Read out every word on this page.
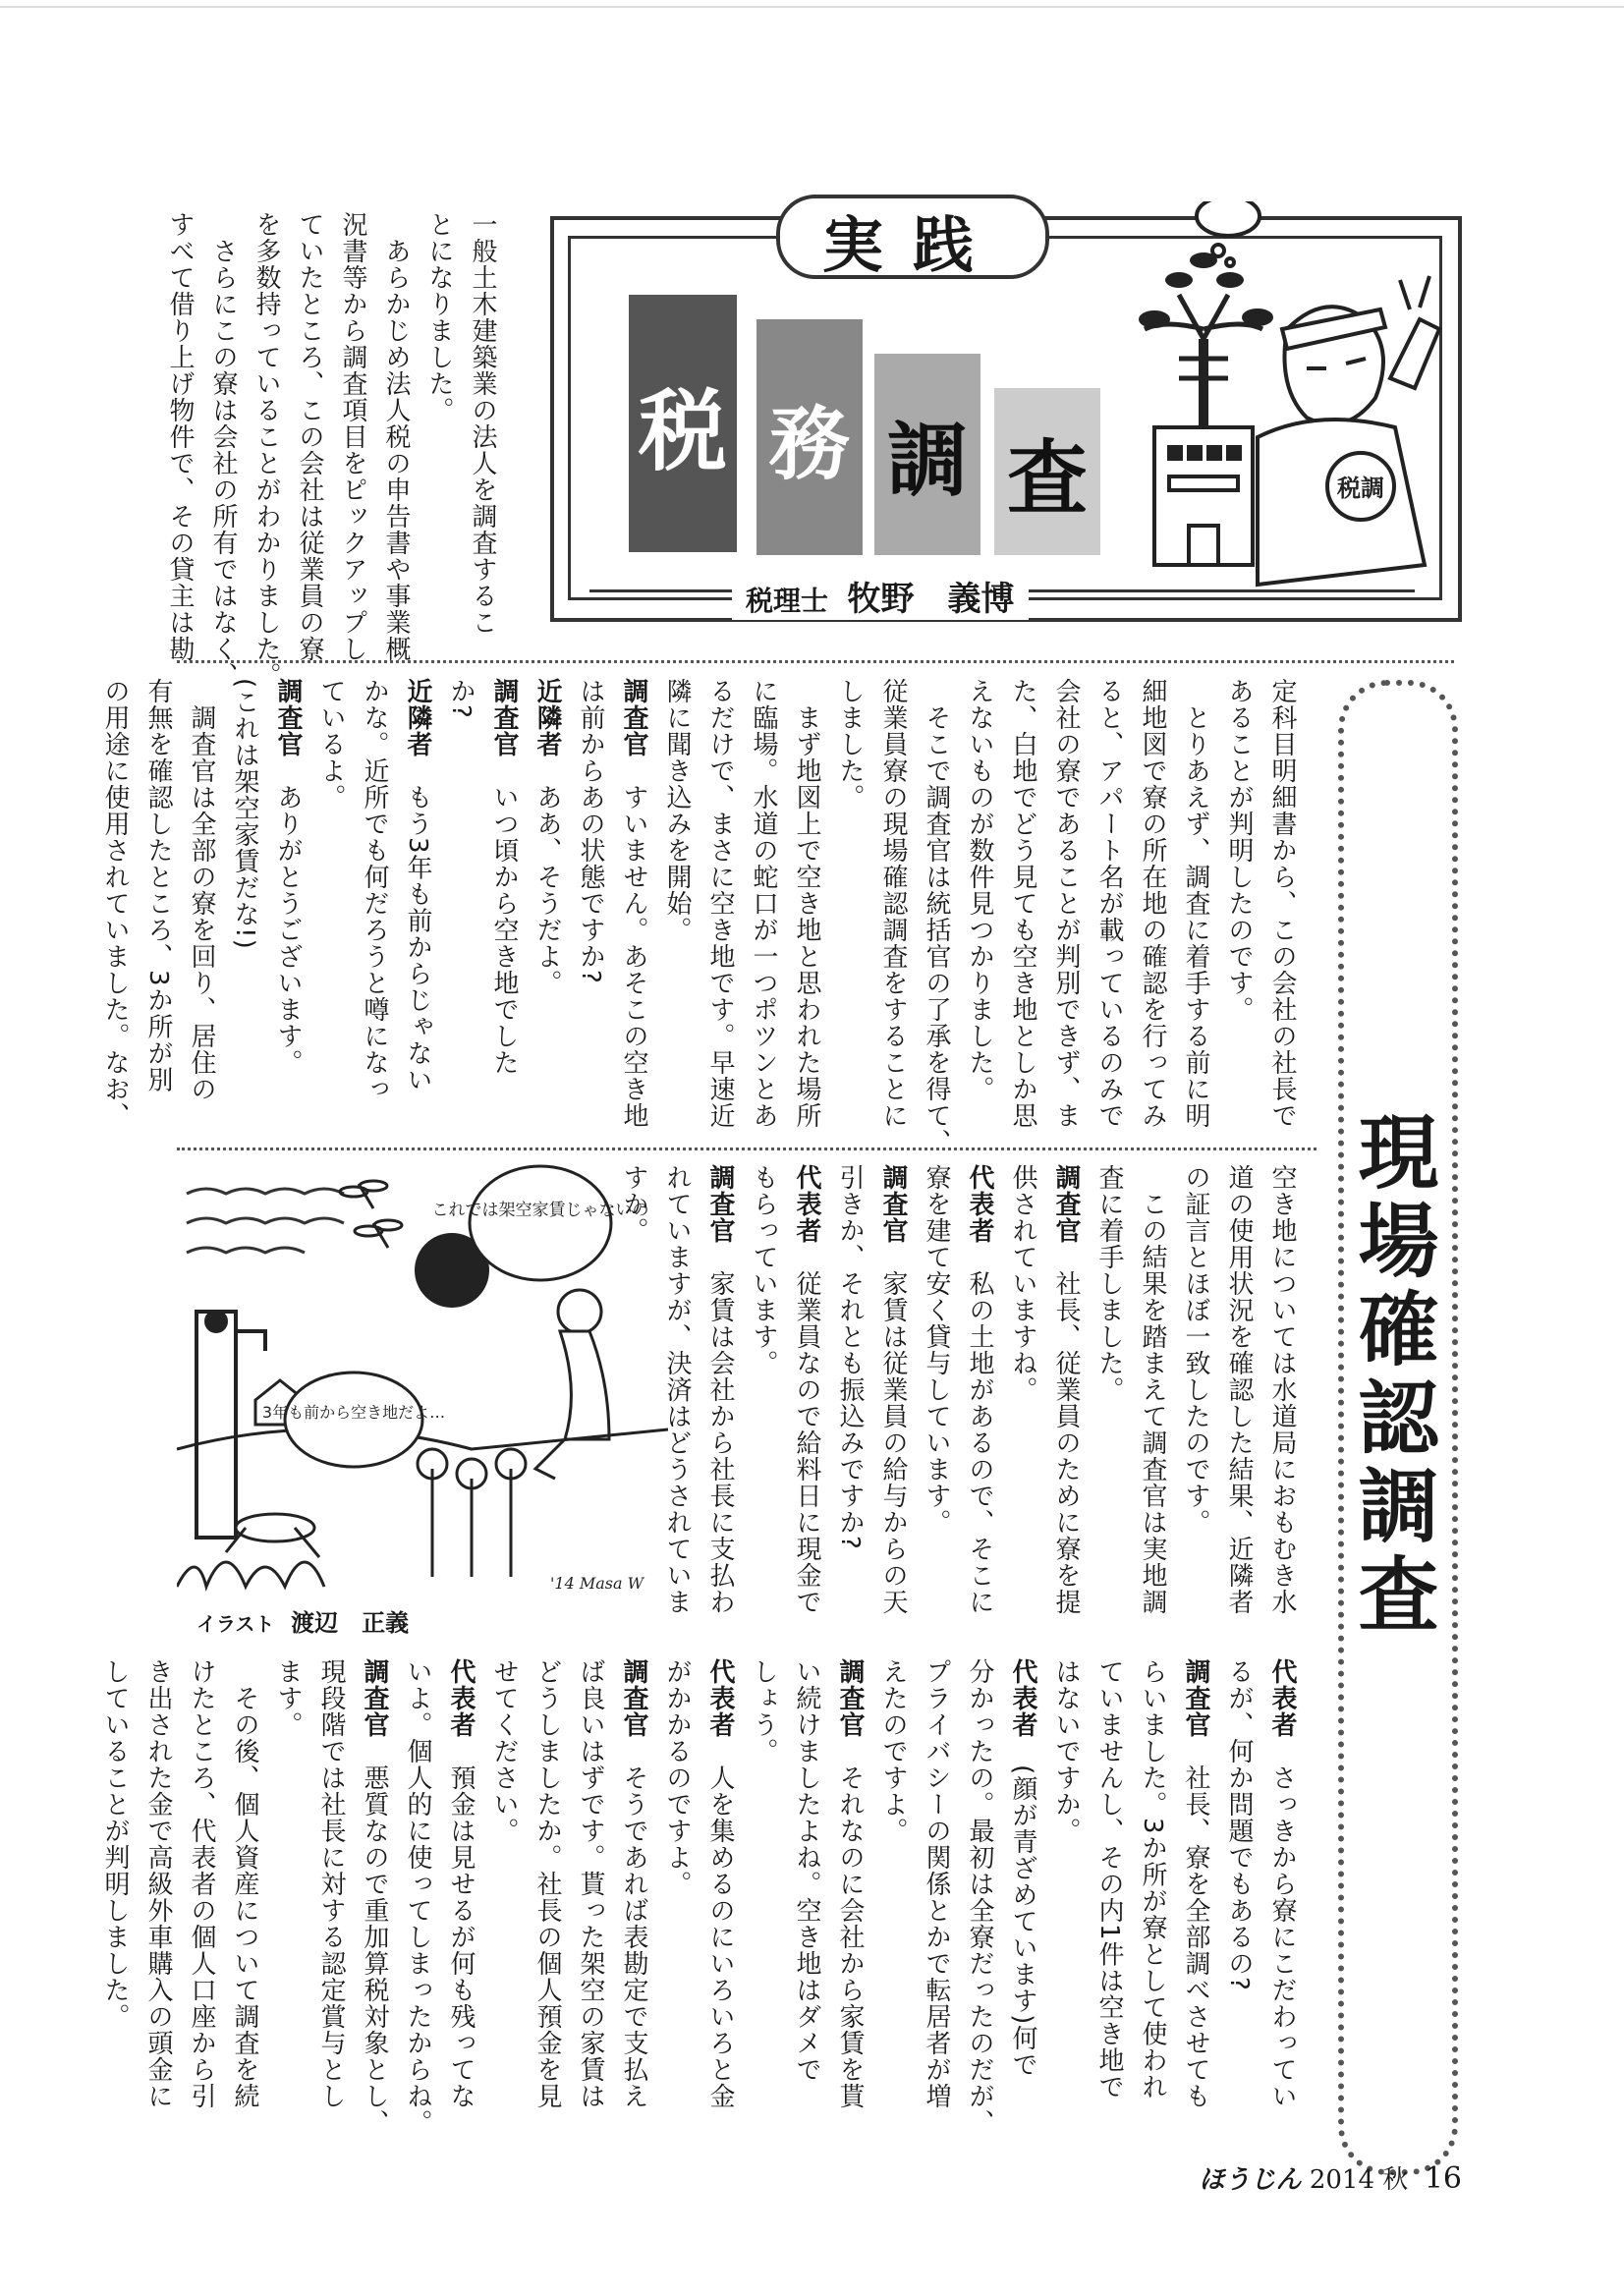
実践
税 務 調 査
税理士 牧野　義博
税調
一般土木建築業の法人を調査するこ
とになりました。
　あらかじめ法人税の申告書や事業概
況書等から調査項目をピックアップし
ていたところ、この会社は従業員の寮
を多数持っていることがわかりました。
　さらにこの寮は会社の所有ではなく、
すべて借り上げ物件で、その貸主は勘
現場確認調査
定科目明細書から、この会社の社長で
あることが判明したのです。
　とりあえず、調査に着手する前に明
細地図で寮の所在地の確認を行ってみ
ると、アパート名が載っているのみで
会社の寮であることが判別できず、ま
た、白地でどう見ても空き地としか思
えないものが数件見つかりました。
　そこで調査官は統括官の了承を得て、
従業員寮の現場確認調査をすることに
しました。
　まず地図上で空き地と思われた場所
に臨場。水道の蛇口が一つポツンとあ
るだけで、まさに空き地です。早速近
隣に聞き込みを開始。
調査官　すいません。あそこの空き地
は前からあの状態ですか?
近隣者　ああ、そうだよ。
調査官　いつ頃から空き地でした
か?
近隣者　もう3年も前からじゃない
かな。近所でも何だろうと噂になっ
ているよ。
調査官　ありがとうございます。
(これは架空家賃だな!)
　調査官は全部の寮を回り、居住の
有無を確認したところ、3か所が別
の用途に使用されていました。なお、
空き地については水道局におもむき水
道の使用状況を確認した結果、近隣者
の証言とほぼ一致したのです。
　この結果を踏まえて調査官は実地調
査に着手しました。
調査官　社長、従業員のために寮を提
供されていますね。
代表者　私の土地があるので、そこに
寮を建て安く貸与しています。
調査官　家賃は従業員の給与からの天
引きか、それとも振込みですか?
代表者　従業員なので給料日に現金で
もらっています。
調査官　家賃は会社から社長に支払わ
れていますが、決済はどうされていま
すか。
これでは架空家賃じゃないの
3年も前から空き地だよ…
'14 Masa W
イラスト 渡辺　正義
代表者　さっきから寮にこだわってい
るが、何か問題でもあるの?
調査官　社長、寮を全部調べさせても
らいました。3か所が寮として使われ
ていませんし、その内1件は空き地で
はないですか。
代表者　(顔が青ざめています)何で
分かったの。最初は全寮だったのだが、
プライバシーの関係とかで転居者が増
えたのですよ。
調査官　それなのに会社から家賃を貰
い続けましたよね。空き地はダメで
しょう。
代表者　人を集めるのにいろいろと金
がかかるのですよ。
調査官　そうであれば表勘定で支払え
ば良いはずです。貰った架空の家賃は
どうしましたか。社長の個人預金を見
せてください。
代表者　預金は見せるが何も残ってな
いよ。個人的に使ってしまったからね。
調査官　悪質なので重加算税対象とし、
現段階では社長に対する認定賞与とし
ます。
　その後、個人資産について調査を続
けたところ、代表者の個人口座から引
き出された金で高級外車購入の頭金に
していることが判明しました。
ほうじん 2014 秋 16
